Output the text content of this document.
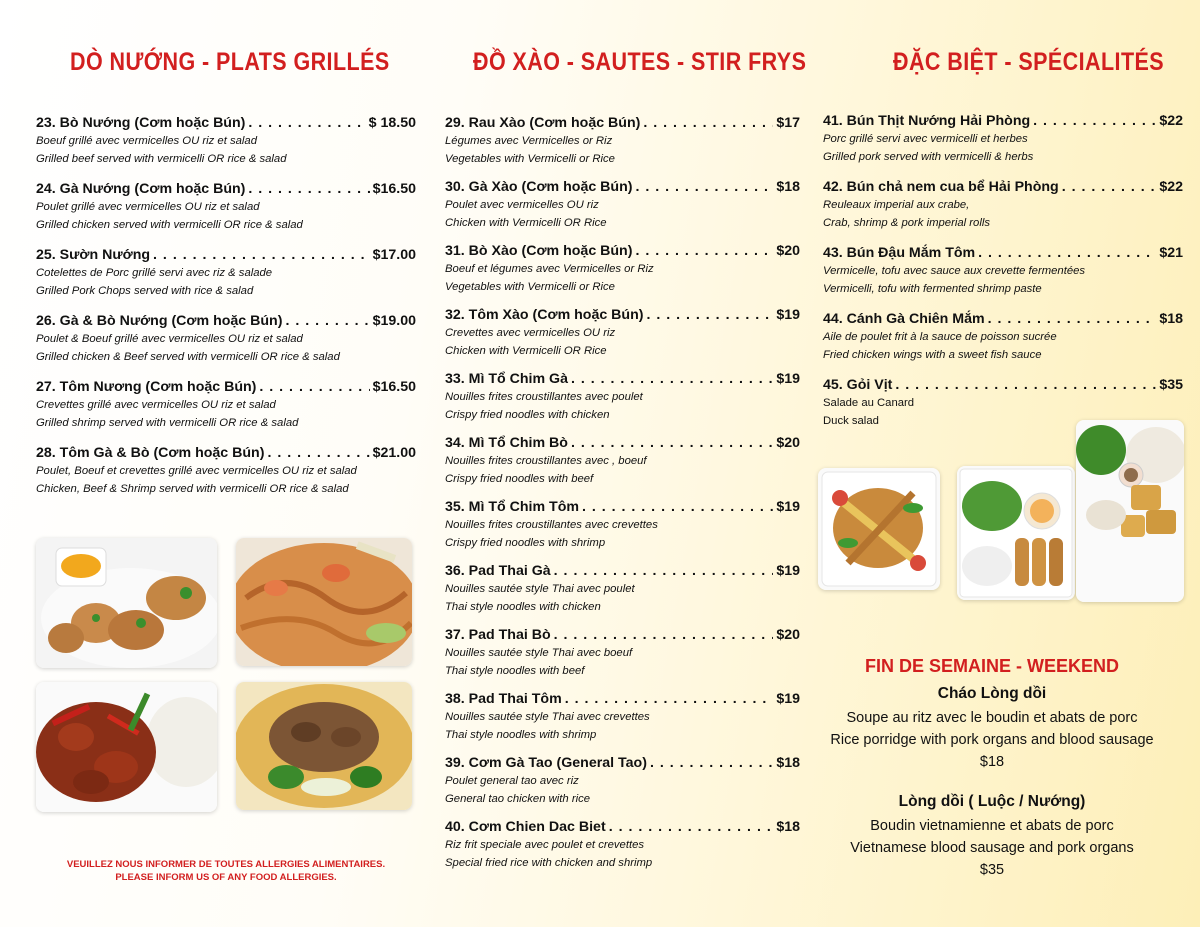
DÒ NƯỚNG - PLATS GRILLÉS
23. Bò Nướng (Cơm hoặc Bún) . . .	$ 18.50
Boeuf grillé avec vermicelles OU riz et salad
Grilled beef served with vermicelli OR rice & salad
24. Gà Nướng (Cơm hoặc Bún) . . .	$16.50
Poulet grillé avec vermicelles OU riz et salad
Grilled chicken served with vermicelli OR rice & salad
25. Sườn Nướng . . .	$17.00
Cotelettes de Porc grillé servi avec riz & salade
Grilled Pork Chops served with rice & salad
26. Gà & Bò Nướng (Cơm hoặc Bún) . . .	$19.00
Poulet & Boeuf grillé avec vermicelles OU riz et salad
Grilled chicken & Beef served with vermicelli OR rice & salad
27. Tôm Nương (Cơm hoặc Bún) . . .	$16.50
Crevettes grillé avec vermicelles OU riz et salad
Grilled shrimp served with vermicelli OR rice & salad
28. Tôm Gà & Bò (Cơm hoặc Bún) . . .	$21.00
Poulet, Boeuf et crevettes grillé avec vermicelles OU riz et salad
Chicken, Beef & Shrimp served with vermicelli OR rice & salad
ĐỒ XÀO - SAUTES - STIR FRYS
29. Rau Xào (Cơm hoặc Bún) . . .	$17
Légumes avec Vermicelles or Riz
Vegetables with Vermicelli or Rice
30. Gà Xào (Cơm hoặc Bún) . . .	$18
Poulet avec vermicelles OU riz
Chicken with Vermicelli OR Rice
31. Bò Xào (Cơm hoặc Bún) . . .	$20
Boeuf et légumes avec Vermicelles or Riz
Vegetables with Vermicelli or Rice
32. Tôm Xào (Cơm hoặc Bún) . . .	$19
Crevettes avec vermicelles OU riz
Chicken with Vermicelli OR Rice
33. Mì Tổ Chim Gà . . .	$19
Nouilles frites croustillantes avec poulet
Crispy fried noodles with chicken
34. Mì Tổ Chim Bò . . .	$20
Nouilles frites croustillantes avec , boeuf
Crispy fried noodles with beef
35. Mì Tổ Chim Tôm . . .	$19
Nouilles frites croustillantes avec crevettes
Crispy fried noodles with shrimp
36. Pad Thai Gà . . .	$19
Nouilles sautée style Thai avec poulet
Thai style noodles with chicken
37. Pad Thai Bò . . .	$20
Nouilles sautée style Thai avec boeuf
Thai style noodles with beef
38. Pad Thai Tôm . . .	$19
Nouilles sautée style Thai avec crevettes
Thai style noodles with shrimp
39. Cơm Gà Tao (General Tao) . . .	$18
Poulet general tao avec riz
General tao chicken with rice
40. Cơm Chien Dac Biet . . .	$18
Riz frit speciale avec poulet et crevettes
Special fried rice with chicken and shrimp
ĐẶC BIỆT - SPÉCIALITÉS
41. Bún Thịt Nướng Hải Phòng . . .	$22
Porc grillé servi avec vermicelli et herbes
Grilled pork served with vermicelli & herbs
42. Bún chả nem cua bể Hải Phòng . . .	$22
Reuleaux imperial aux crabe,
Crab, shrimp & pork imperial rolls
43. Bún Đậu Mắm Tôm . . .	$21
Vermicelle, tofu avec sauce aux crevette fermentées
Vermicelli, tofu with fermented shrimp paste
44. Cánh Gà Chiên Mắm . . .	$18
Aile de poulet frit à la sauce de poisson sucrée
Fried chicken wings with a sweet fish sauce
45. Gỏi Vịt . . .	$35
Salade au Canard
Duck salad
VEUILLEZ NOUS INFORMER DE TOUTES ALLERGIES ALIMENTAIRES.
PLEASE INFORM US OF ANY FOOD ALLERGIES.
FIN DE SEMAINE - WEEKEND
Cháo Lòng dồi
Soupe au ritz avec le boudin et abats de porc
Rice porridge with pork organs and blood sausage
$18
Lòng dồi ( Luộc / Nướng)
Boudin vietnamienne et abats de porc
Vietnamese blood sausage and pork organs
$35
